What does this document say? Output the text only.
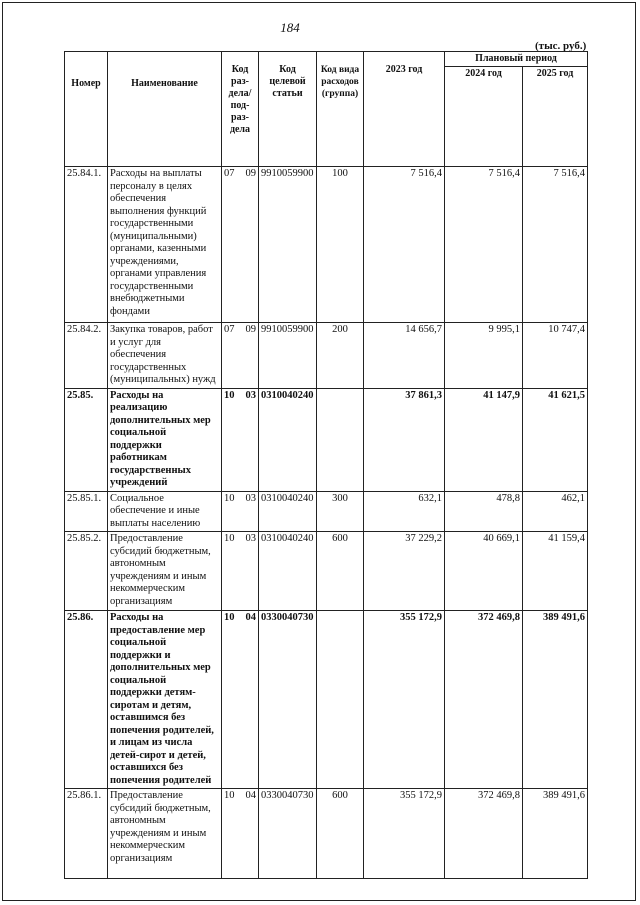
184
(тыс. руб.)
Номер	Наименование	Код раз-дела/ под-раз-дела	Код целевой статьи	Код вида расходов (группа)	2023 год	Плановый период	
						2024 год	2025 год
25.84.1.	Расходы на выплаты персоналу в целях обеспечения выполнения функций государственными (муниципальными) органами, казенными учреждениями, органами управления государственными внебюджетными фондами	07 09	9910059900	100	7 516,4	7 516,4	7 516,4
25.84.2.	Закупка товаров, работ и услуг для обеспечения государственных (муниципальных) нужд	07 09	9910059900	200	14 656,7	9 995,1	10 747,4
25.85.	Расходы на реализацию дополнительных мер социальной поддержки работникам государственных учреждений	10 03	0310040240		37 861,3	41 147,9	41 621,5
25.85.1.	Социальное обеспечение и иные выплаты населению	10 03	0310040240	300	632,1	478,8	462,1
25.85.2.	Предоставление субсидий бюджетным, автономным учреждениям и иным некоммерческим организациям	10 03	0310040240	600	37 229,2	40 669,1	41 159,4
25.86.	Расходы на предоставление мер социальной поддержки и дополнительных мер социальной поддержки детям-сиротам и детям, оставшимся без попечения родителей, и лицам из числа детей-сирот и детей, оставшихся без попечения родителей	10 04	0330040730		355 172,9	372 469,8	389 491,6
25.86.1.	Предоставление субсидий бюджетным, автономным учреждениям и иным некоммерческим организациям	10 04	0330040730	600	355 172,9	372 469,8	389 491,6
